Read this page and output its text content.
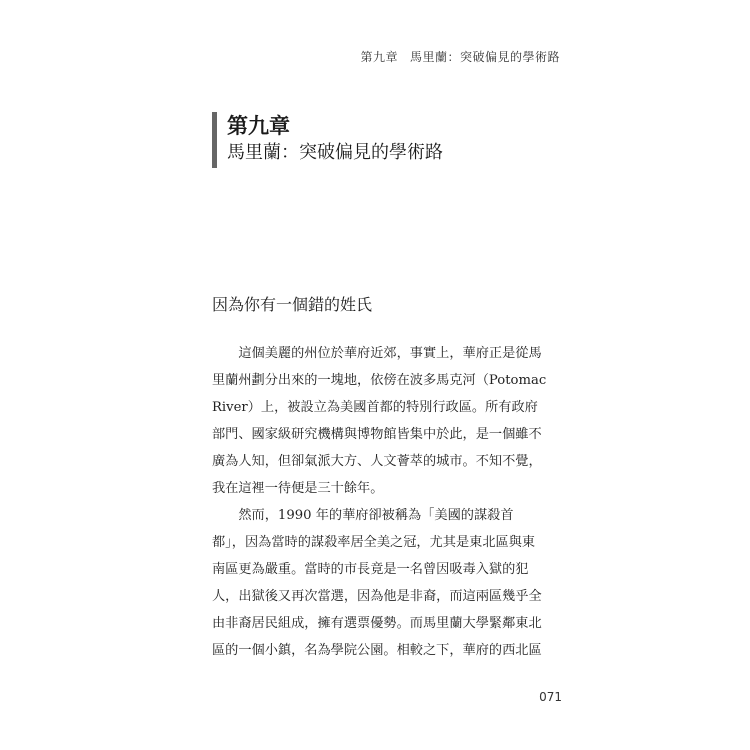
第九章 馬里蘭：突破偏見的學術路
第九章
馬里蘭：突破偏見的學術路
因為你有一個錯的姓氏
　　這個美麗的州位於華府近郊，事實上，華府正是從馬
里蘭州劃分出來的一塊地，依傍在波多馬克河（Potomac
River）上，被設立為美國首都的特別行政區。所有政府
部門、國家級研究機構與博物館皆集中於此，是一個雖不
廣為人知，但卻氣派大方、人文薈萃的城市。不知不覺，
我在這裡一待便是三十餘年。
　　然而，1990 年的華府卻被稱為「美國的謀殺首
都」，因為當時的謀殺率居全美之冠，尤其是東北區與東
南區更為嚴重。當時的市長竟是一名曾因吸毒入獄的犯
人，出獄後又再次當選，因為他是非裔，而這兩區幾乎全
由非裔居民組成，擁有選票優勢。而馬里蘭大學緊鄰東北
區的一個小鎮，名為學院公園。相較之下，華府的西北區
071
